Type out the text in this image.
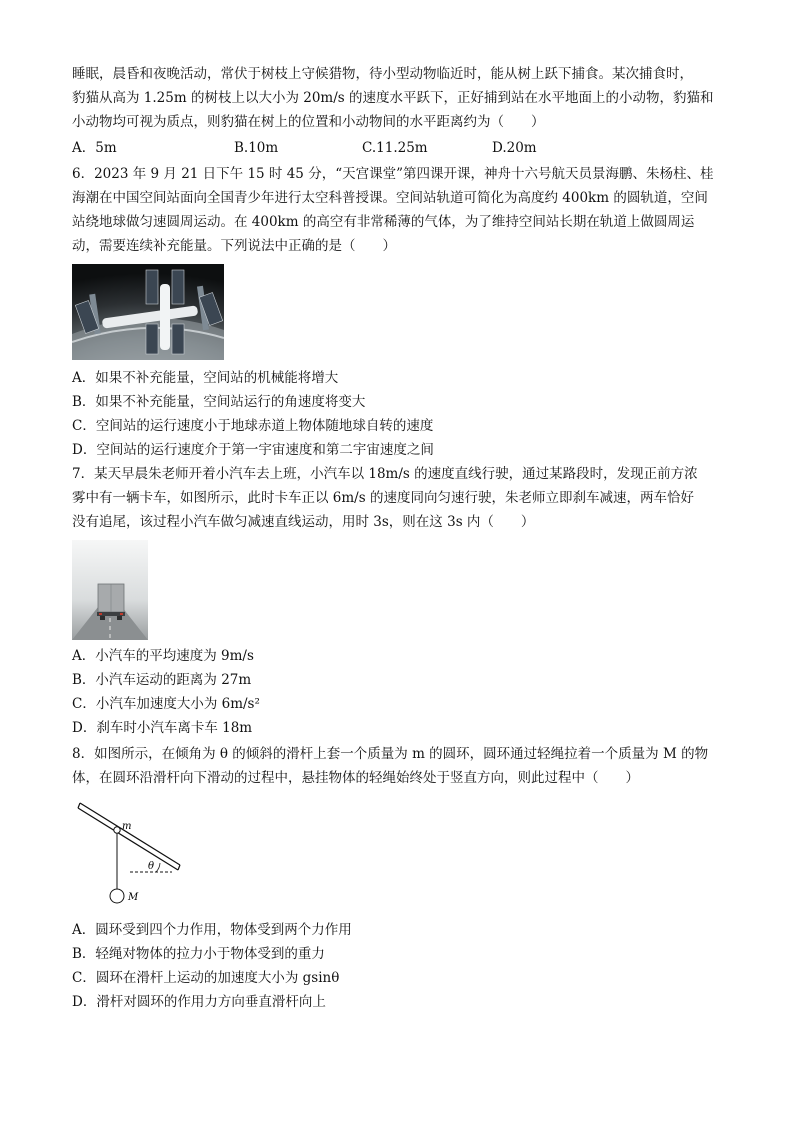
睡眠，晨昏和夜晚活动，常伏于树枝上守候猎物，待小型动物临近时，能从树上跃下捕食。某次捕食时，
豹猫从高为 1.25m 的树枝上以大小为 20m/s 的速度水平跃下，正好捕到站在水平地面上的小动物，豹猫和
小动物均可视为质点，则豹猫在树上的位置和小动物间的水平距离约为（　　）
A．5m	B.10m	C.11.25m	D.20m
6．2023 年 9 月 21 日下午 15 时 45 分，“天宫课堂”第四课开课，神舟十六号航天员景海鹏、朱杨柱、桂
海潮在中国空间站面向全国青少年进行太空科普授课。空间站轨道可简化为高度约 400km 的圆轨道，空间
站绕地球做匀速圆周运动。在 400km 的高空有非常稀薄的气体，为了维持空间站长期在轨道上做圆周运
动，需要连续补充能量。下列说法中正确的是（　　）
A．如果不补充能量，空间站的机械能将增大
B．如果不补充能量，空间站运行的角速度将变大
C．空间站的运行速度小于地球赤道上物体随地球自转的速度
D．空间站的运行速度介于第一宇宙速度和第二宇宙速度之间
7．某天早晨朱老师开着小汽车去上班，小汽车以 18m/s 的速度直线行驶，通过某路段时，发现正前方浓
雾中有一辆卡车，如图所示，此时卡车正以 6m/s 的速度同向匀速行驶，朱老师立即刹车减速，两车恰好
没有追尾，该过程小汽车做匀减速直线运动，用时 3s，则在这 3s 内（　　）
A．小汽车的平均速度为 9m/s
B．小汽车运动的距离为 27m
C．小汽车加速度大小为 6m/s²
D．刹车时小汽车离卡车 18m
8．如图所示，在倾角为 θ 的倾斜的滑杆上套一个质量为 m 的圆环，圆环通过轻绳拉着一个质量为 M 的物
体，在圆环沿滑杆向下滑动的过程中，悬挂物体的轻绳始终处于竖直方向，则此过程中（　　）
m
M
θ
A．圆环受到四个力作用，物体受到两个力作用
B．轻绳对物体的拉力小于物体受到的重力
C．圆环在滑杆上运动的加速度大小为 gsinθ
D．滑杆对圆环的作用力方向垂直滑杆向上
